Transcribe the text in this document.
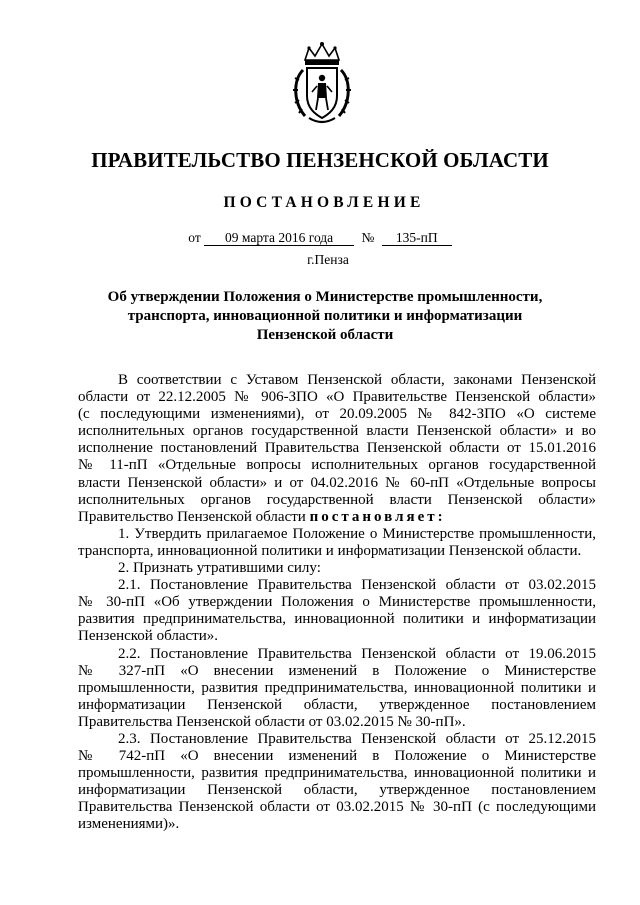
ПРАВИТЕЛЬСТВО ПЕНЗЕНСКОЙ ОБЛАСТИ
ПОСТАНОВЛЕНИЕ
от 09 марта 2016 года № 135-пП
г.Пенза
Об утверждении Положения о Министерстве промышленности,
транспорта, инновационной политики и информатизации
Пензенской области

В соответствии с Уставом Пензенской области, законами Пензенской
области от 22.12.2005 № 906-ЗПО «О Правительстве Пензенской области»
(с последующими изменениями), от 20.09.2005 № 842-ЗПО «О системе
исполнительных органов государственной власти Пензенской области» и во
исполнение постановлений Правительства Пензенской области от 15.01.2016
№ 11-пП «Отдельные вопросы исполнительных органов государственной
власти Пензенской области» и от 04.02.2016 № 60-пП «Отдельные вопросы
исполнительных органов государственной власти Пензенской области»
Правительство Пензенской области постановляет:

1. Утвердить прилагаемое Положение о Министерстве промышленности,
транспорта, инновационной политики и информатизации Пензенской области.

2. Признать утратившими силу:

2.1. Постановление Правительства Пензенской области от 03.02.2015
№ 30-пП «Об утверждении Положения о Министерстве промышленности,
развития предпринимательства, инновационной политики и информатизации
Пензенской области».

2.2. Постановление Правительства Пензенской области от 19.06.2015
№ 327-пП «О внесении изменений в Положение о Министерстве
промышленности, развития предпринимательства, инновационной политики и
информатизации Пензенской области, утвержденное постановлением
Правительства Пензенской области от 03.02.2015 № 30-пП».

2.3. Постановление Правительства Пензенской области от 25.12.2015
№ 742-пП «О внесении изменений в Положение о Министерстве
промышленности, развития предпринимательства, инновационной политики и
информатизации Пензенской области, утвержденное постановлением
Правительства Пензенской области от 03.02.2015 № 30-пП (с последующими
изменениями)».
